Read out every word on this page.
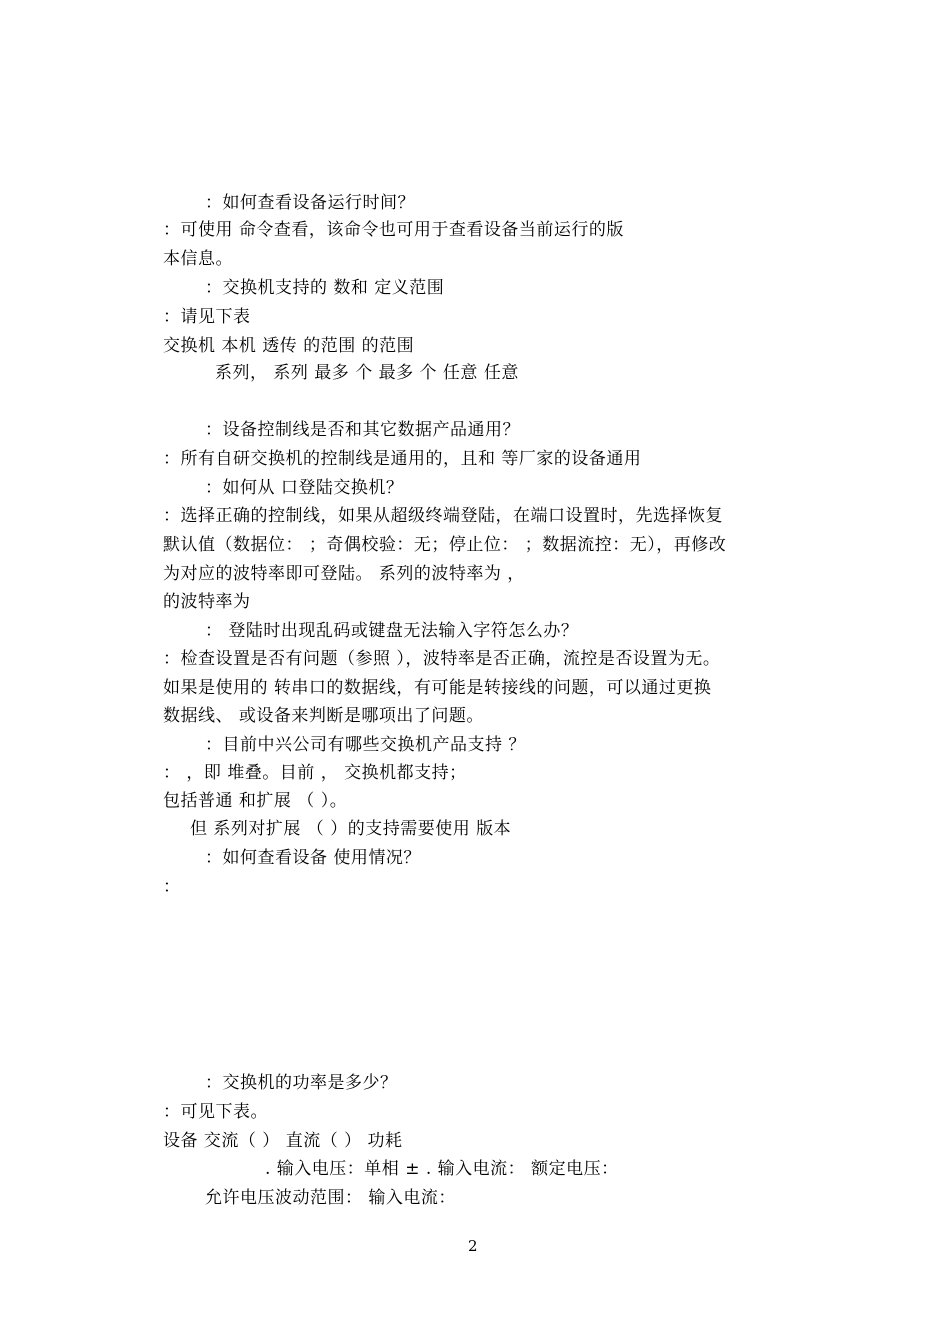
：如何查看设备运行时间？
：可使用 命令查看，该命令也可用于查看设备当前运行的版
本信息。
：交换机支持的 数和 定义范围
：请见下表
交换机 本机 透传 的范围 的范围
系列， 系列 最多 个 最多 个 任意 任意
：设备控制线是否和其它数据产品通用？
：所有自研交换机的控制线是通用的，且和 等厂家的设备通用
：如何从 口登陆交换机？
：选择正确的控制线，如果从超级终端登陆，在端口设置时，先选择恢复
默认值（数据位： ；奇偶校验：无；停止位： ；数据流控：无），再修改
为对应的波特率即可登陆。 系列的波特率为 ，
的波特率为
： 登陆时出现乱码或键盘无法输入字符怎么办？
：检查设置是否有问题（参照 ），波特率是否正确，流控是否设置为无。
如果是使用的 转串口的数据线，有可能是转接线的问题，可以通过更换
数据线、 或设备来判断是哪项出了问题。
：目前中兴公司有哪些交换机产品支持 ？
： ，即 堆叠。目前 ， 交换机都支持；
包括普通 和扩展 （ ）。
但 系列对扩展 （ ）的支持需要使用 版本
：如何查看设备 使用情况？
：
：交换机的功率是多少？
：可见下表。
设备 交流（ ） 直流（ ） 功耗
. 输入电压：单相 ± . 输入电流： 额定电压：
允许电压波动范围： 输入电流：
2
